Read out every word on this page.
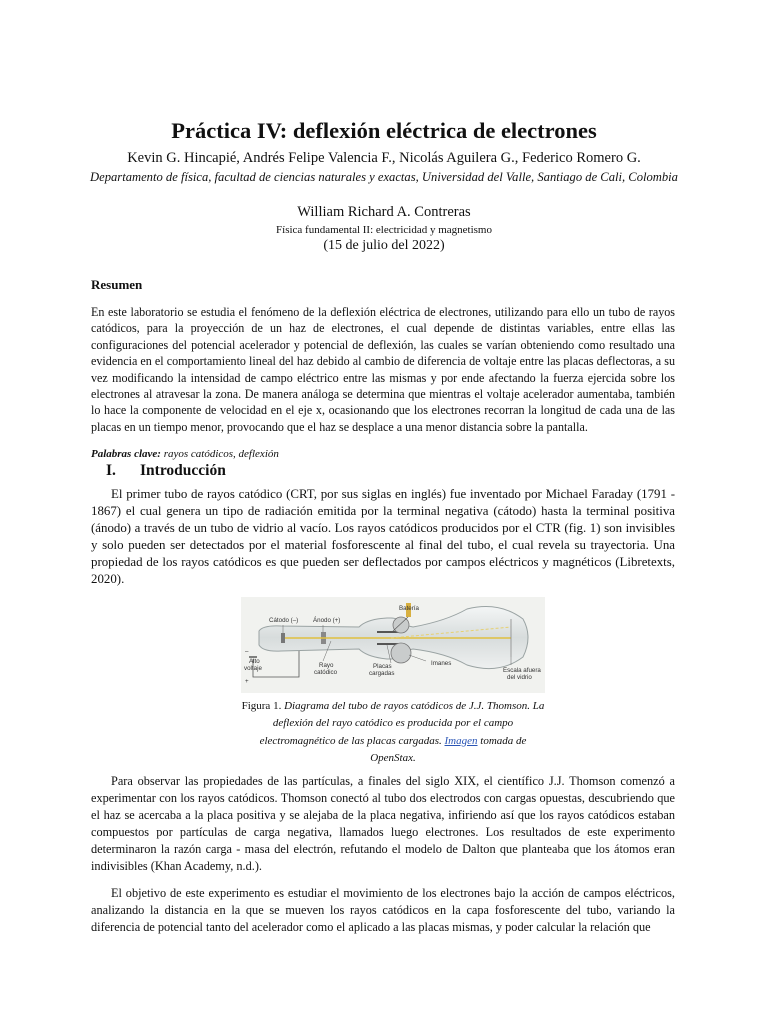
Práctica IV: deflexión eléctrica de electrones
Kevin G. Hincapié, Andrés Felipe Valencia F., Nicolás Aguilera G., Federico Romero G.
Departamento de física, facultad de ciencias naturales y exactas, Universidad del Valle, Santiago de Cali, Colombia
William Richard A. Contreras
Física fundamental II: electricidad y magnetismo
(15 de julio del 2022)
Resumen
En este laboratorio se estudia el fenómeno de la deflexión eléctrica de electrones, utilizando para ello un tubo de rayos catódicos, para la proyección de un haz de electrones, el cual depende de distintas variables, entre ellas las configuraciones del potencial acelerador y potencial de deflexión, las cuales se varían obteniendo como resultado una evidencia en el comportamiento lineal del haz debido al cambio de diferencia de voltaje entre las placas deflectoras, a su vez modificando la intensidad de campo eléctrico entre las mismas y por ende afectando la fuerza ejercida sobre los electrones al atravesar la zona. De manera análoga se determina que mientras el voltaje acelerador aumentaba, también lo hace la componente de velocidad en el eje x, ocasionando que los electrones recorran la longitud de cada una de las placas en un tiempo menor, provocando que el haz se desplace a una menor distancia sobre la pantalla.
Palabras clave: rayos catódicos, deflexión
I. Introducción
El primer tubo de rayos catódico (CRT, por sus siglas en inglés) fue inventado por Michael Faraday (1791 - 1867) el cual genera un tipo de radiación emitida por la terminal negativa (cátodo) hasta la terminal positiva (ánodo) a través de un tubo de vidrio al vacío. Los rayos catódicos producidos por el CTR (fig. 1) son invisibles y solo pueden ser detectados por el material fosforescente al final del tubo, el cual revela su trayectoria. Una propiedad de los rayos catódicos es que pueden ser deflectados por campos eléctricos y magnéticos (Libretexts, 2020).
Cátodo (–) Ánodo (+)
Batería
Alto
voltaje
–
+
Rayo
catódico
Placas
cargadas
Imanes
Escala afuera
del vidrio
Figura 1. Diagrama del tubo de rayos catódicos de J.J. Thomson. La deflexión del rayo catódico es producida por el campo electromagnético de las placas cargadas. Imagen tomada de OpenStax.
Para observar las propiedades de las partículas, a finales del siglo XIX, el científico J.J. Thomson comenzó a experimentar con los rayos catódicos. Thomson conectó al tubo dos electrodos con cargas opuestas, descubriendo que el haz se acercaba a la placa positiva y se alejaba de la placa negativa, infiriendo así que los rayos catódicos estaban compuestos por partículas de carga negativa, llamados luego electrones. Los resultados de este experimento determinaron la razón carga - masa del electrón, refutando el modelo de Dalton que planteaba que los átomos eran indivisibles (Khan Academy, n.d.).
El objetivo de este experimento es estudiar el movimiento de los electrones bajo la acción de campos eléctricos, analizando la distancia en la que se mueven los rayos catódicos en la capa fosforescente del tubo, variando la diferencia de potencial tanto del acelerador como el aplicado a las placas mismas, y poder calcular la relación que
